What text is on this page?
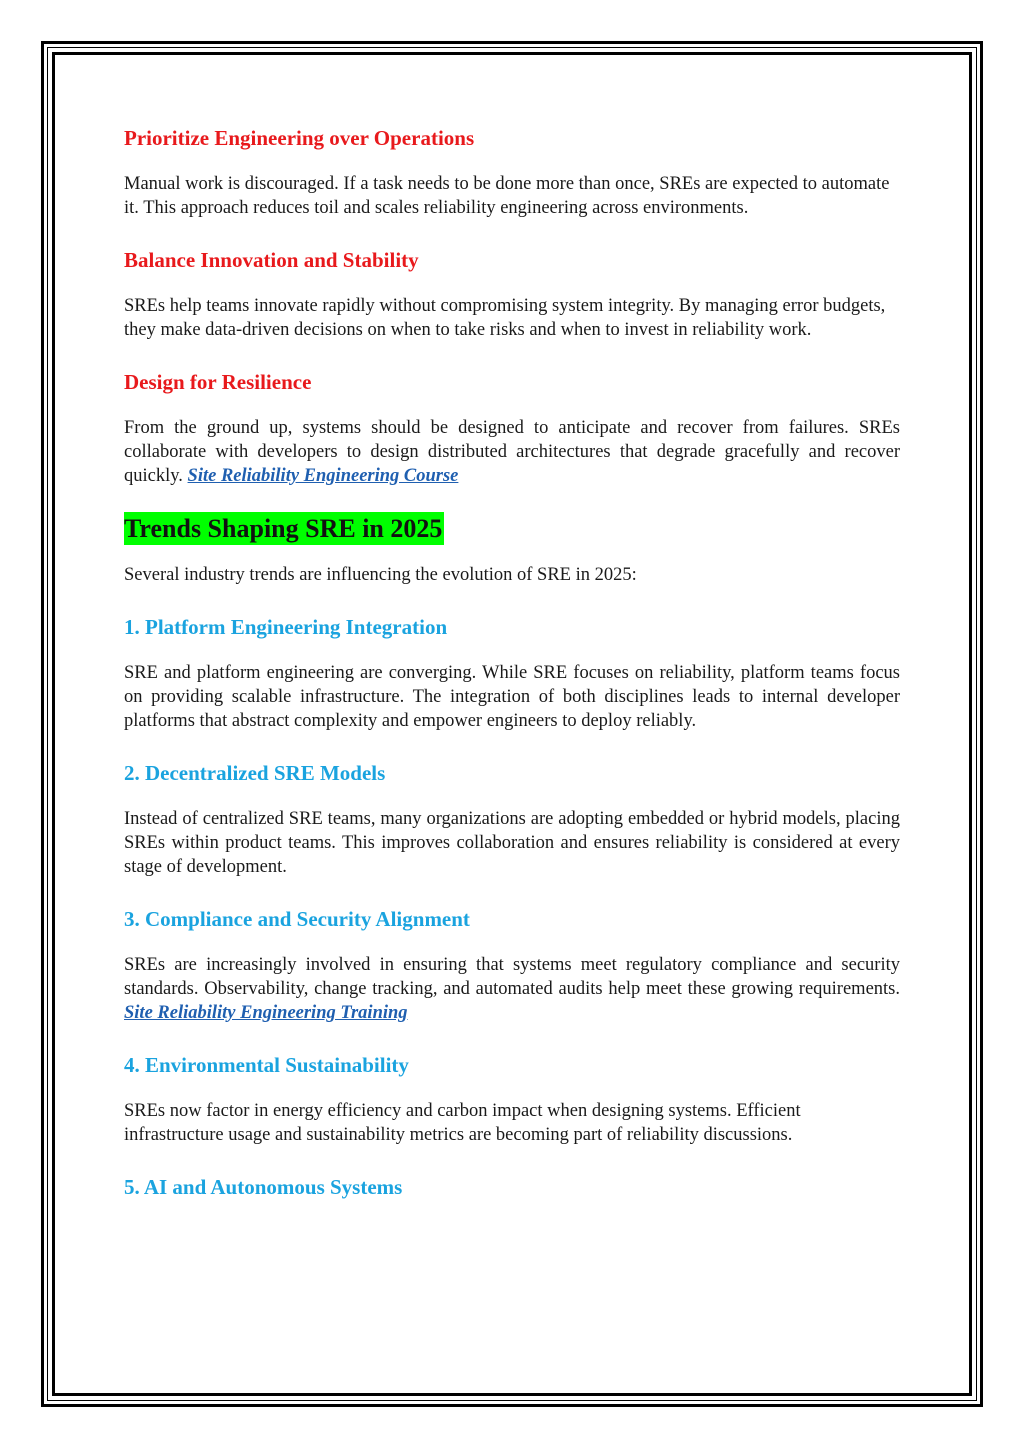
Prioritize Engineering over Operations

Manual work is discouraged. If a task needs to be done more than once, SREs are expected to automate it. This approach reduces toil and scales reliability engineering across environments.

Balance Innovation and Stability

SREs help teams innovate rapidly without compromising system integrity. By managing error budgets, they make data-driven decisions on when to take risks and when to invest in reliability work.

Design for Resilience

From the ground up, systems should be designed to anticipate and recover from failures. SREs collaborate with developers to design distributed architectures that degrade gracefully and recover quickly. Site Reliability Engineering Course

Trends Shaping SRE in 2025

Several industry trends are influencing the evolution of SRE in 2025:

1. Platform Engineering Integration

SRE and platform engineering are converging. While SRE focuses on reliability, platform teams focus on providing scalable infrastructure. The integration of both disciplines leads to internal developer platforms that abstract complexity and empower engineers to deploy reliably.

2. Decentralized SRE Models

Instead of centralized SRE teams, many organizations are adopting embedded or hybrid models, placing SREs within product teams. This improves collaboration and ensures reliability is considered at every stage of development.

3. Compliance and Security Alignment

SREs are increasingly involved in ensuring that systems meet regulatory compliance and security standards. Observability, change tracking, and automated audits help meet these growing requirements. Site Reliability Engineering Training

4. Environmental Sustainability

SREs now factor in energy efficiency and carbon impact when designing systems. Efficient infrastructure usage and sustainability metrics are becoming part of reliability discussions.

5. AI and Autonomous Systems
